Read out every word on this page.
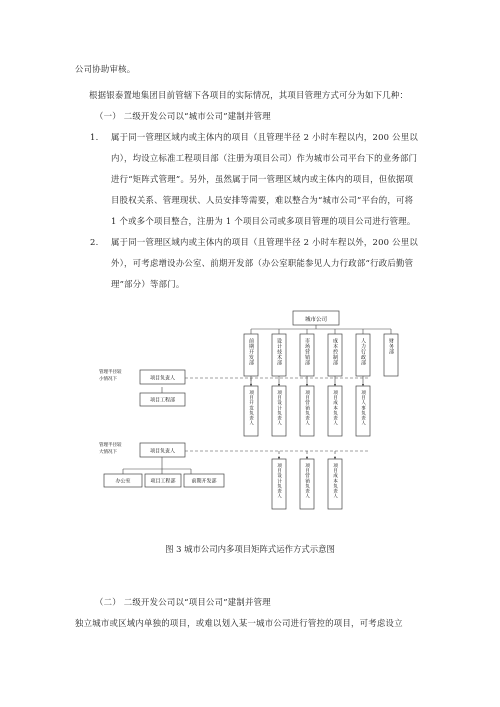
公司协助审核。
根据银泰置地集团目前管辖下各项目的实际情况，其项目管理方式可分为如下几种：
（一） 二级开发公司以“城市公司”建制并管理
1. 属于同一管理区域内或主体内的项目（且管理半径 2 小时车程以内，200 公里以
内），均设立标准工程项目部（注册为项目公司）作为城市公司平台下的业务部门
进行“矩阵式管理”。另外，虽然属于同一管理区域内或主体内的项目，但依据项
目股权关系、管理现状、人员安排等需要，难以整合为“城市公司”平台的，可将
1 个或多个项目整合，注册为 1 个项目公司或多项目管理的项目公司进行管理。
2. 属于同一管理区域内或主体内的项目（且管理半径 2 小时车程以外，200 公里以
外），可考虑增设办公室、前期开发部（办公室职能参见人力行政部“行政后勤管
理”部分）等部门。
城市公司
前期开发部	设计技术部	市场营销部	成本控制部	人力行政部	财务部
管理半径较
小情况下	项目负责人
项目工程部	项目开发负责人	项目设计负责人	项目营销负责人	项目成本负责人	项目人事负责人
管理半径较
大情况下	项目负责人
办公室	项目工程部	前期开发部	项目设计负责人	项目营销负责人	项目成本负责人
图 3 城市公司内多项目矩阵式运作方式示意图
（二） 二级开发公司以“项目公司”建制并管理
独立城市或区域内单独的项目，或难以划入某一城市公司进行管控的项目，可考虑设立
